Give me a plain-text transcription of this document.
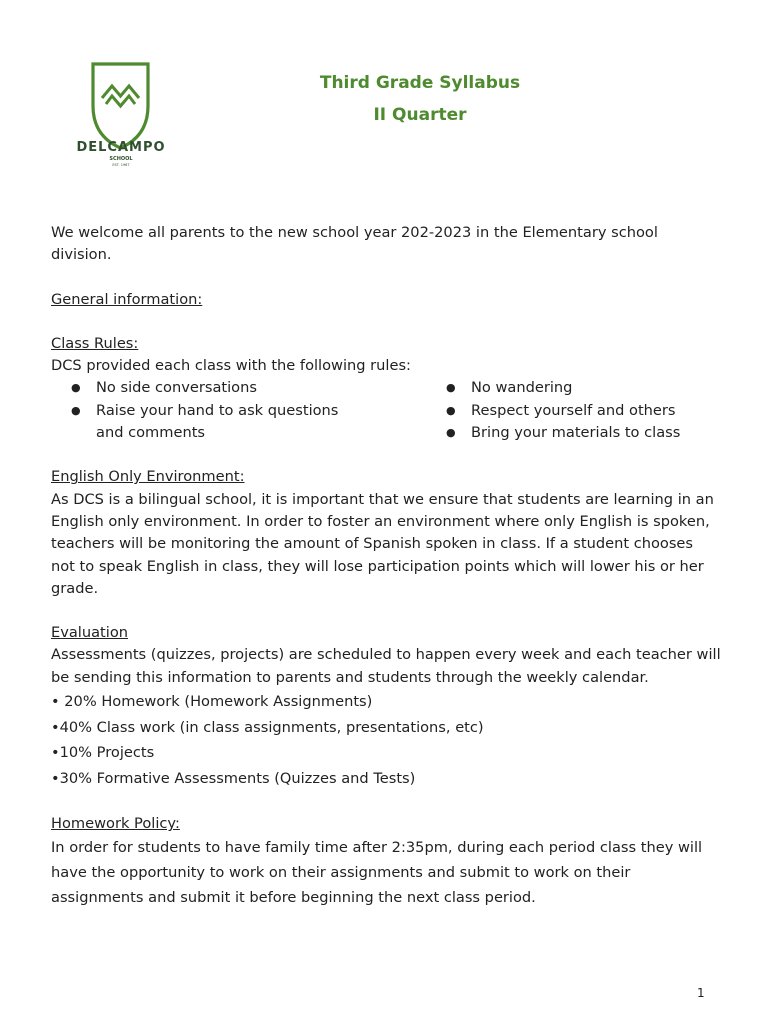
DELCAMPO
SCHOOL
EST. 1967
Third Grade Syllabus
II Quarter

We welcome all parents to the new school year 202-2023 in the Elementary school division.

General information:

Class Rules:

DCS provided each class with the following rules:

● No side conversations
● Raise your hand to ask questions and comments
● No wandering
● Respect yourself and others
● Bring your materials to class

English Only Environment:

As DCS is a bilingual school, it is important that we ensure that students are learning in an English only environment. In order to foster an environment where only English is spoken, teachers will be monitoring the amount of Spanish spoken in class. If a student chooses not to speak English in class, they will lose participation points which will lower his or her grade.

Evaluation

Assessments (quizzes, projects) are scheduled to happen every week and each teacher will be sending this information to parents and students through the weekly calendar.

• 20% Homework (Homework Assignments)
•40% Class work (in class assignments, presentations, etc)
•10% Projects
•30% Formative Assessments (Quizzes and Tests)

Homework Policy:

In order for students to have family time after 2:35pm, during each period class they will have the opportunity to work on their assignments and submit to work on their assignments and submit it before beginning the next class period.

1
